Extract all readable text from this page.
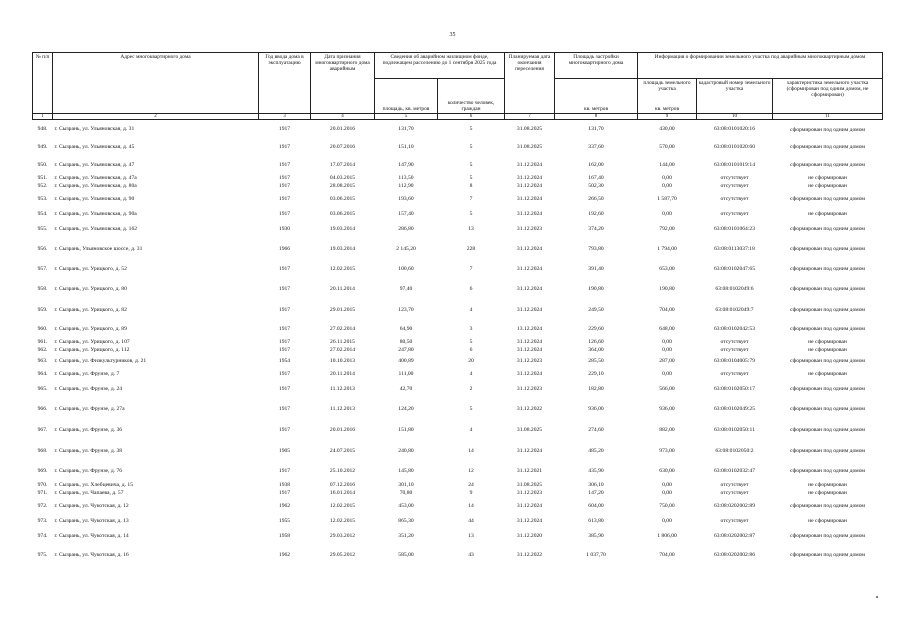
35
№ п/п	Адрес многоквартирного дома	Год ввода дома в эксплуатацию	Дата признания многоквартирного дома аварийным	Сведения об аварийном жилищном фонде, подлежащем расселению до 1 сентября 2025 года		Планируемая дата окончания переселения	Площадь застройки многоквартирного дома	Информация о формировании земельного участка под аварийным многоквартирным домом		

								площадь земельного участка
кв. метров	кадастровый номер земельного участка	характеристика земельного участка (сформирован под одним домом, не сформирован)
				площадь, кв. метров	количество человек, граждан		кв. метров			
1	2	3	4	5	6	7	8	9	10	11
948.	г. Сызрань, ул. Ульяновская, д. 31	1917	20.01.2016	131,70	5	31.08.2025	131,70	430,00	63:08:0101020:16	сформирован под одним домом
949.	г. Сызрань, ул. Ульяновская, д. 45	1917	20.07.2016	151,10	5	31.08.2025	337,60	570,00	63:08:0101020:60	сформирован под одним домом
950.	г. Сызрань, ул. Ульяновская, д. 47	1917	17.07.2014	147,90	5	31.12.2024	162,00	144,00	63:08:0101019:14	сформирован под одним домом
951.	г. Сызрань, ул. Ульяновская, д. 47а	1917	04.03.2015	113,50	5	31.12.2024	167,40	0,00	отсутствует	не сформирован
952.	г. Сызрань, ул. Ульяновская, д. 80а	1917	28.08.2015	112,90	8	31.12.2024	502,30	0,00	отсутствует	не сформирован
953.	г. Сызрань, ул. Ульяновская, д. 90	1917	03.06.2015	193,60	7	31.12.2024	266,50	1 587,70	отсутствует	сформирован под одним домом
954.	г. Сызрань, ул. Ульяновская, д. 90а	1917	03.06.2015	157,40	5	31.12.2024	192,60	0,00	отсутствует	не сформирован
955.	г. Сызрань, ул. Ульяновская, д. 162	1930	19.03.2014	286,80	13	31.12.2023	374,20	792,00	63:08:0101064:23	сформирован под одним домом
956.	г. Сызрань, Ульяновское шоссе, д. 31	1966	19.03.2014	2 145,20	228	31.12.2024	793,80	1 794,00	63:08:0113037:18	сформирован под одним домом
957.	г. Сызрань, ул. Урицкого, д. 52	1917	12.02.2015	100,60	7	31.12.2024	391,40	653,00	63:08:0102047:65	сформирован под одним домом
958.	г. Сызрань, ул. Урицкого, д. 80	1917	20.11.2014	97,40	6	31.12.2024	190,80	190,80	63:08:0102049:6	сформирован под одним домом
959.	г. Сызрань, ул. Урицкого, д. 82	1917	29.01.2015	123,70	4	31.12.2024	249,50	704,00	63:08:0102049:7	сформирован под одним домом
960.	г. Сызрань, ул. Урицкого, д. 89	1917	27.02.2014	64,90	3	13.12.2024	229,60	648,00	63:08:0102042:53	сформирован под одним домом
961.	г. Сызрань, ул. Урицкого, д. 107	1917	26.11.2015	80,50	5	31.12.2024	126,60	0,00	отсутствует	не сформирован
962.	г. Сызрань, ул. Урицкого, д. 112	1917	27.02.2014	247,80	6	31.12.2024	364,00	0,00	отсутствует	не сформирован
963.	г. Сызрань, ул. Физкультурников, д. 21	1954	10.10.2013	400,89	20	31.12.2023	285,50	287,00	63:08:0104005:79	сформирован под одним домом
964.	г. Сызрань, ул. Фрунзе, д. 7	1917	20.11.2014	111,00	4	31.12.2024	229,10	0,00	отсутствует	не сформирован
965.	г. Сызрань, ул. Фрунзе, д. 24	1917	11.12.2013	42,70	2	31.12.2023	182,80	566,00	63:08:0102050:17	сформирован под одним домом
966.	г. Сызрань, ул. Фрунзе, д. 27а	1917	11.12.2013	124,20	5	31.12.2022	936,00	936,00	63:08:0102049:25	сформирован под одним домом
967.	г. Сызрань, ул. Фрунзе, д. 36	1917	20.01.2016	151,80	4	31.08.2025	274,60	882,00	63:08:0102050:11	сформирован под одним домом
968.	г. Сызрань, ул. Фрунзе, д. 38	1905	24.07.2015	240,80	14	31.12.2024	485,20	973,00	63:08:0102050:2	сформирован под одним домом
969.	г. Сызрань, ул. Фрунзе, д. 76	1917	25.10.2012	145,80	12	31.12.2021	435,90	630,00	63:08:0102032:47	сформирован под одним домом
970.	г. Сызрань, ул. Хлебцевича, д. 15	1938	07.12.2016	301,10	24	31.08.2025	306,10	0,00	отсутствует	не сформирован
971.	г. Сызрань, ул. Чапаева, д. 57	1917	16.01.2014	70,80	9	31.12.2023	147,20	0,00	отсутствует	не сформирован
972.	г. Сызрань, ул. Чукотская, д. 12	1962	12.02.2015	453,00	14	31.12.2024	604,00	750,00	63:08:0202002:89	сформирован под одним домом
973.	г. Сызрань, ул. Чукотская, д. 13	1955	12.02.2015	865,30	44	31.12.2024	613,80	0,00	отсутствует	не сформирован
974.	г. Сызрань, ул. Чукотская, д. 14	1958	29.03.2012	351,20	13	31.12.2020	385,90	1 806,00	63:08:0202002:87	сформирован под одним домом
975.	г. Сызрань, ул. Чукотская, д. 16	1962	29.05.2012	585,00	43	31.12.2022	1 037,70	704,00	63:08:0202002:86	сформирован под одним домом
